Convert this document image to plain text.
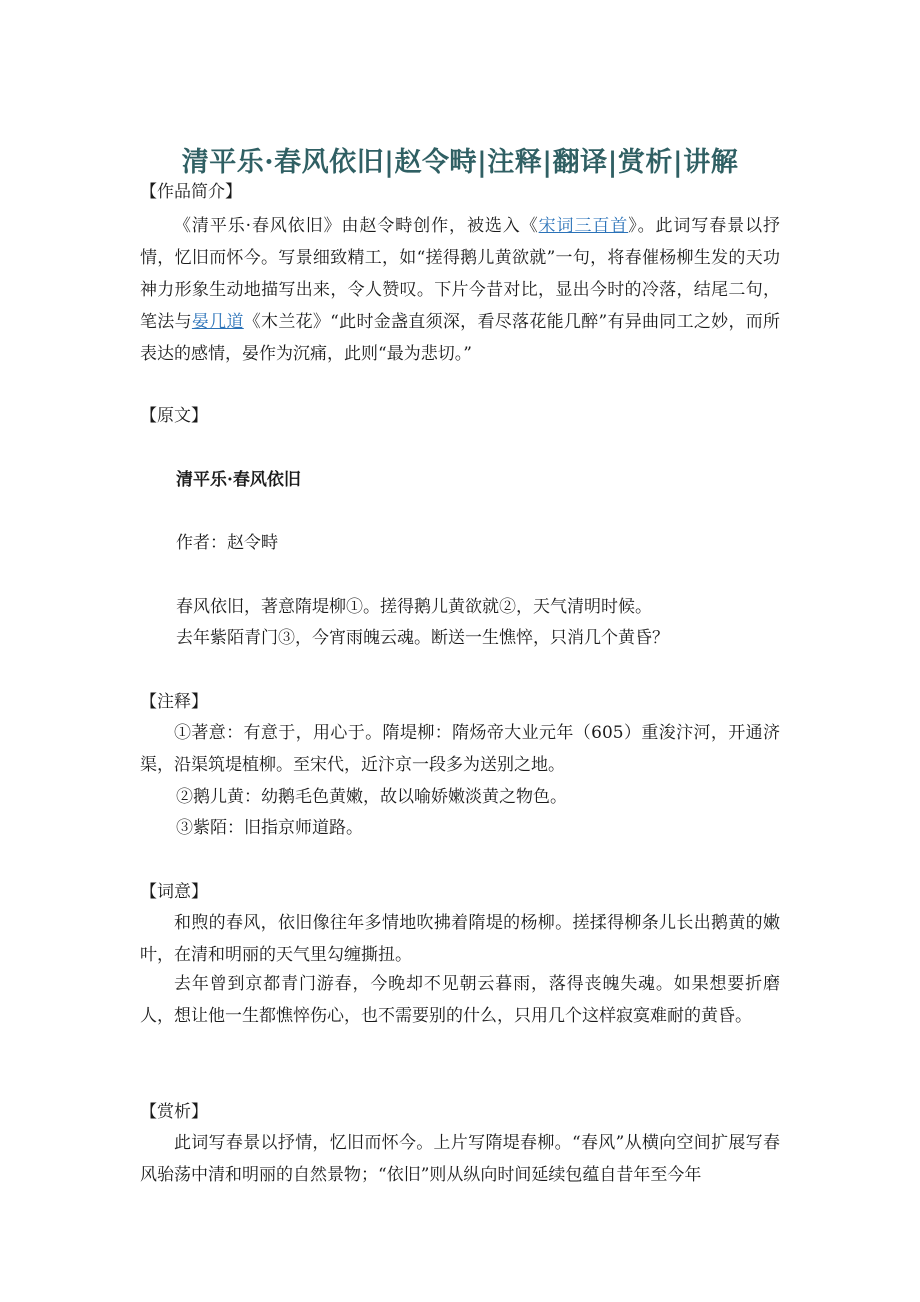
清平乐·春风依旧|赵令畤|注释|翻译|赏析|讲解
【作品简介】
《清平乐·春风依旧》由赵令畤创作，被选入《宋词三百首》。此词写春景以抒情，忆旧而怀今。写景细致精工，如“搓得鹅儿黄欲就”一句，将春催杨柳生发的天功神力形象生动地描写出来，令人赞叹。下片今昔对比，显出今时的冷落，结尾二句，笔法与晏几道《木兰花》“此时金盏直须深，看尽落花能几醉”有异曲同工之妙，而所表达的感情，晏作为沉痛，此则“最为悲切。”
【原文】
清平乐·春风依旧
作者：赵令畤
春风依旧，著意隋堤柳①。搓得鹅儿黄欲就②，天气清明时候。
去年紫陌青门③，今宵雨魄云魂。断送一生憔悴，只消几个黄昏？
【注释】
①著意：有意于，用心于。隋堤柳：隋炀帝大业元年（605）重浚汴河，开通济渠，沿渠筑堤植柳。至宋代，近汴京一段多为送别之地。
②鹅儿黄：幼鹅毛色黄嫩，故以喻娇嫩淡黄之物色。
③紫陌：旧指京师道路。
【词意】
和煦的春风，依旧像往年多情地吹拂着隋堤的杨柳。搓揉得柳条儿长出鹅黄的嫩叶，在清和明丽的天气里勾缠撕扭。
去年曾到京都青门游春，今晚却不见朝云暮雨，落得丧魄失魂。如果想要折磨人，想让他一生都憔悴伤心，也不需要别的什么，只用几个这样寂寞难耐的黄昏。
【赏析】
此词写春景以抒情，忆旧而怀今。上片写隋堤春柳。“春风”从横向空间扩展写春风骀荡中清和明丽的自然景物；“依旧”则从纵向时间延续包蕴自昔年至今年
